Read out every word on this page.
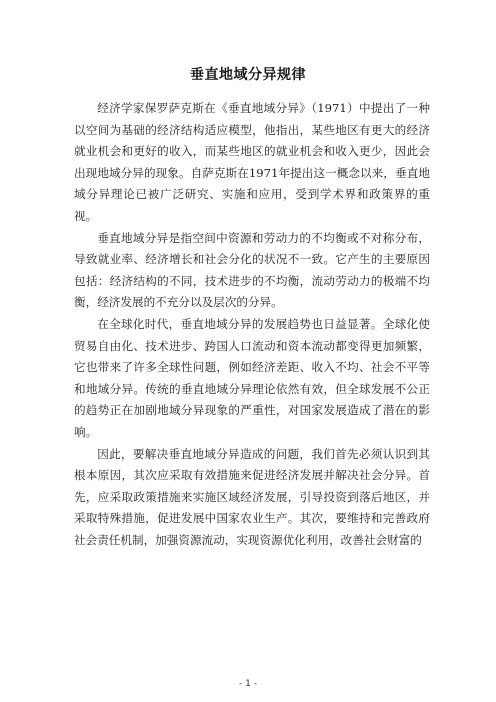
垂直地域分异规律

经济学家保罗萨克斯在《垂直地域分异》（1971）中提出了一种以空间为基础的经济结构适应模型，他指出，某些地区有更大的经济就业机会和更好的收入，而某些地区的就业机会和收入更少，因此会出现地域分异的现象。自萨克斯在1971年提出这一概念以来，垂直地域分异理论已被广泛研究、实施和应用，受到学术界和政策界的重视。

垂直地域分异是指空间中资源和劳动力的不均衡或不对称分布，导致就业率、经济增长和社会分化的状况不一致。它产生的主要原因包括：经济结构的不同，技术进步的不均衡，流动劳动力的极端不均衡，经济发展的不充分以及层次的分异。

在全球化时代，垂直地域分异的发展趋势也日益显著。全球化使贸易自由化、技术进步、跨国人口流动和资本流动都变得更加频繁，它也带来了许多全球性问题，例如经济差距、收入不均、社会不平等和地域分异。传统的垂直地域分异理论依然有效，但全球发展不公正的趋势正在加剧地域分异现象的严重性，对国家发展造成了潜在的影响。

因此，要解决垂直地域分异造成的问题，我们首先必须认识到其根本原因，其次应采取有效措施来促进经济发展并解决社会分异。首先，应采取政策措施来实施区域经济发展，引导投资到落后地区，并采取特殊措施，促进发展中国家农业生产。其次，要维持和完善政府社会责任机制，加强资源流动，实现资源优化利用，改善社会财富的

- 1 -
